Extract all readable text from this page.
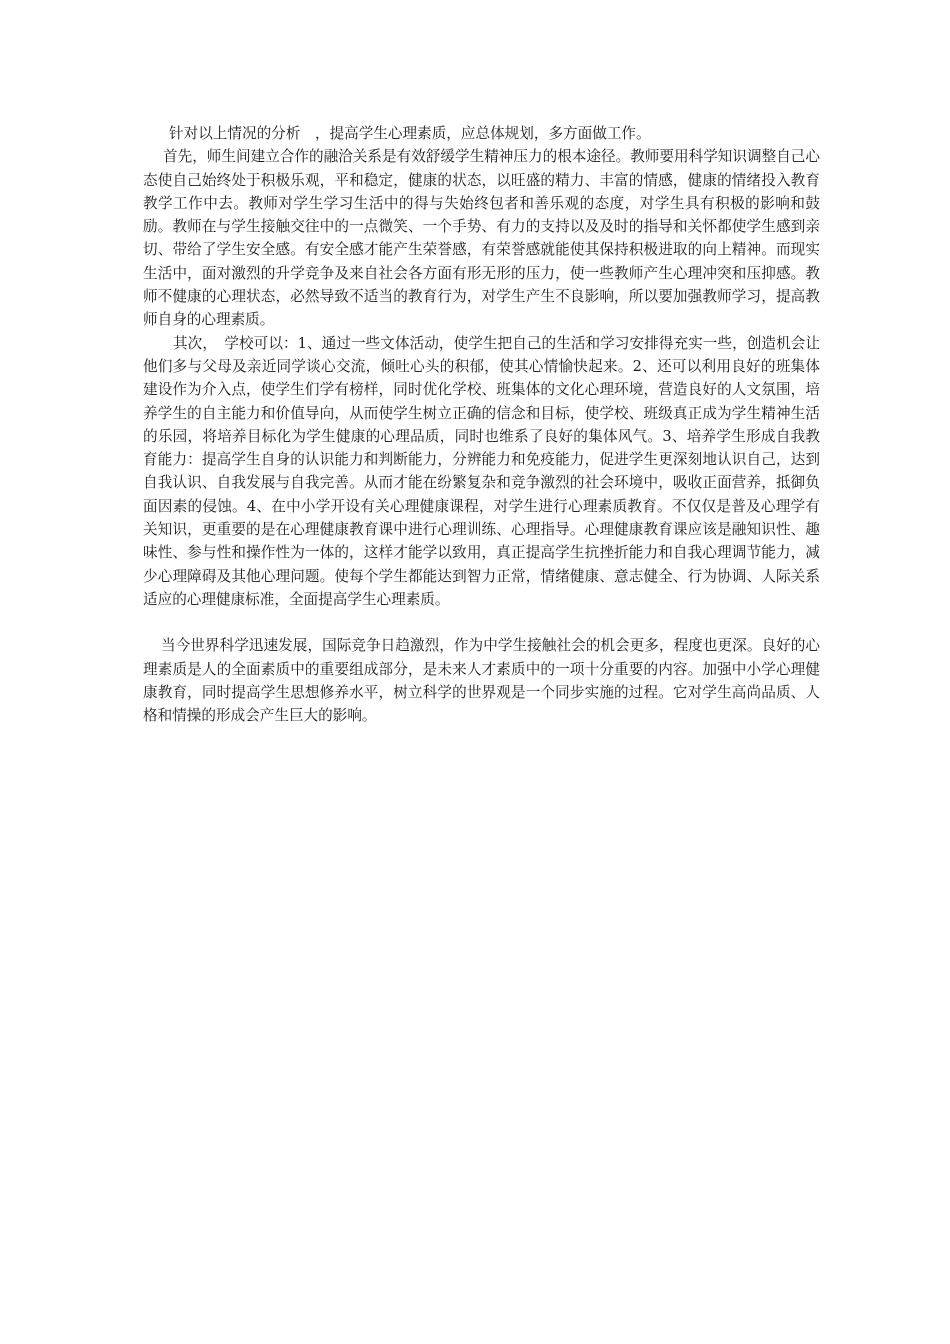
针对以上情况的分析　，提高学生心理素质，应总体规划，多方面做工作。

首先，师生间建立合作的融洽关系是有效舒缓学生精神压力的根本途径。教师要用科学知识调整自己心态使自己始终处于积极乐观，平和稳定，健康的状态，以旺盛的精力、丰富的情感，健康的情绪投入教育教学工作中去。教师对学生学习生活中的得与失始终包者和善乐观的态度，对学生具有积极的影响和鼓励。教师在与学生接触交往中的一点微笑、一个手势、有力的支持以及及时的指导和关怀都使学生感到亲切、带给了学生安全感。有安全感才能产生荣誉感，有荣誉感就能使其保持积极进取的向上精神。而现实生活中，面对激烈的升学竞争及来自社会各方面有形无形的压力，使一些教师产生心理冲突和压抑感。教师不健康的心理状态，必然导致不适当的教育行为，对学生产生不良影响，所以要加强教师学习，提高教师自身的心理素质。

其次，　学校可以：1、通过一些文体活动，使学生把自己的生活和学习安排得充实一些，创造机会让他们多与父母及亲近同学谈心交流，倾吐心头的积郁，使其心情愉快起来。2、还可以利用良好的班集体建设作为介入点，使学生们学有榜样，同时优化学校、班集体的文化心理环境，营造良好的人文氛围，培养学生的自主能力和价值导向，从而使学生树立正确的信念和目标，使学校、班级真正成为学生精神生活的乐园，将培养目标化为学生健康的心理品质，同时也维系了良好的集体风气。3、培养学生形成自我教育能力：提高学生自身的认识能力和判断能力，分辨能力和免疫能力，促进学生更深刻地认识自己，达到自我认识、自我发展与自我完善。从而才能在纷繁复杂和竞争激烈的社会环境中，吸收正面营养，抵御负面因素的侵蚀。4、在中小学开设有关心理健康课程，对学生进行心理素质教育。不仅仅是普及心理学有关知识，更重要的是在心理健康教育课中进行心理训练、心理指导。心理健康教育课应该是融知识性、趣味性、参与性和操作性为一体的，这样才能学以致用，真正提高学生抗挫折能力和自我心理调节能力，减少心理障碍及其他心理问题。使每个学生都能达到智力正常，情绪健康、意志健全、行为协调、人际关系适应的心理健康标准，全面提高学生心理素质。

当今世界科学迅速发展，国际竞争日趋激烈，作为中学生接触社会的机会更多，程度也更深。良好的心理素质是人的全面素质中的重要组成部分，是未来人才素质中的一项十分重要的内容。加强中小学心理健康教育，同时提高学生思想修养水平，树立科学的世界观是一个同步实施的过程。它对学生高尚品质、人格和情操的形成会产生巨大的影响。
